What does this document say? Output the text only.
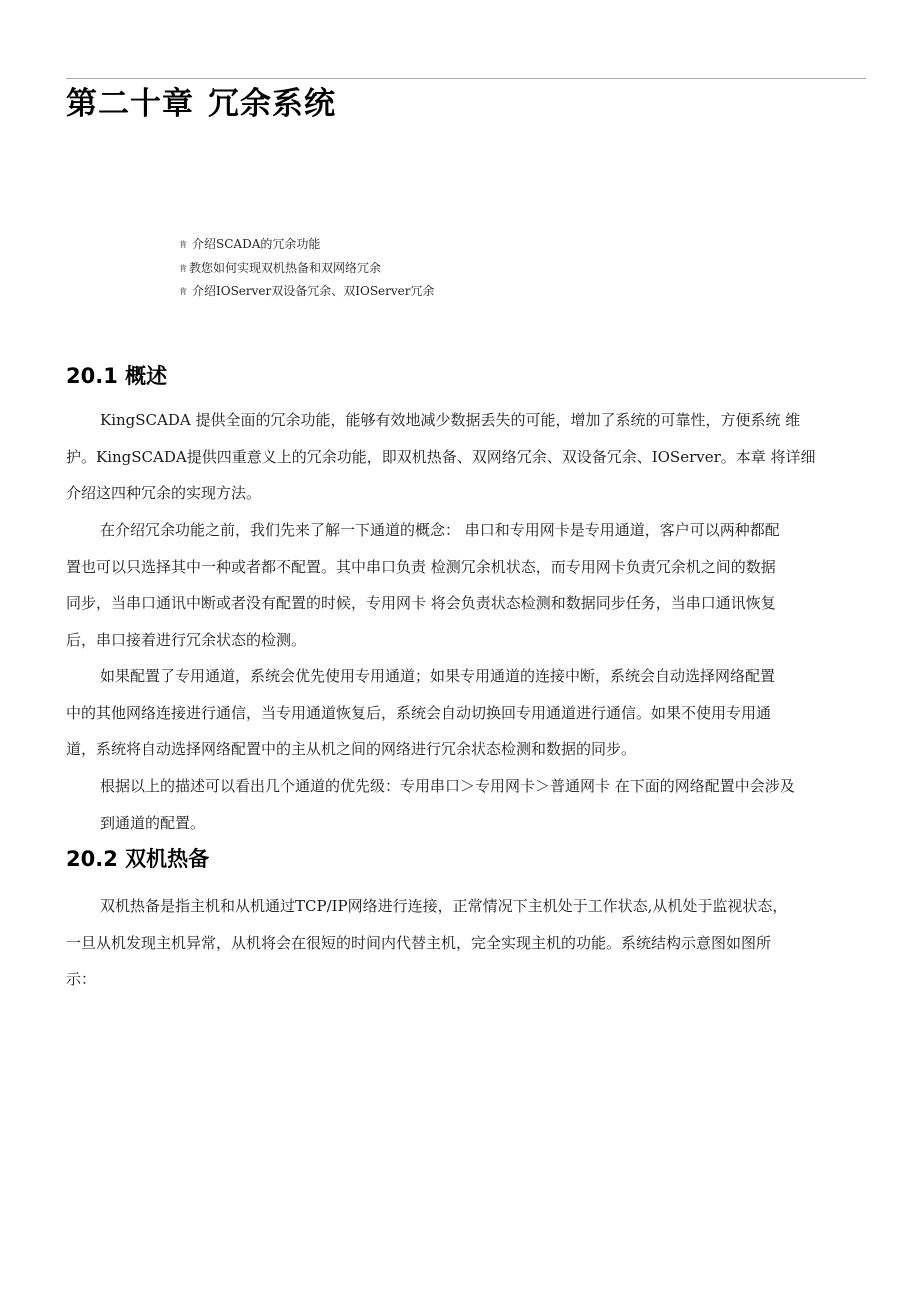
第二十章 冗余系统
肯 介绍SCADA的冗余功能
肯 教您如何实现双机热备和双网络冗余
肯 介绍IOServer双设备冗余、双IOServer冗余
20.1 概述
KingSCADA 提供全面的冗余功能，能够有效地减少数据丢失的可能，增加了系统的可靠性，方便系统 维
护。KingSCADA提供四重意义上的冗余功能，即双机热备、双网络冗余、双设备冗余、IOServer。本章 将详细
介绍这四种冗余的实现方法。
在介绍冗余功能之前，我们先来了解一下通道的概念： 串口和专用网卡是专用通道，客户可以两种都配
置也可以只选择其中一种或者都不配置。其中串口负责 检测冗余机状态，而专用网卡负责冗余机之间的数据
同步，当串口通讯中断或者没有配置的时候，专用网卡 将会负责状态检测和数据同步任务，当串口通讯恢复
后，串口接着进行冗余状态的检测。
如果配置了专用通道，系统会优先使用专用通道；如果专用通道的连接中断，系统会自动选择网络配置
中的其他网络连接进行通信，当专用通道恢复后，系统会自动切换回专用通道进行通信。如果不使用专用通
道，系统将自动选择网络配置中的主从机之间的网络进行冗余状态检测和数据的同步。
根据以上的描述可以看出几个通道的优先级：专用串口＞专用网卡＞普通网卡 在下面的网络配置中会涉及
到通道的配置。
20.2 双机热备
双机热备是指主机和从机通过TCP/IP网络进行连接，正常情况下主机处于工作状态,从机处于监视状态，
一旦从机发现主机异常，从机将会在很短的时间内代替主机，完全实现主机的功能。系统结构示意图如图所
示：
